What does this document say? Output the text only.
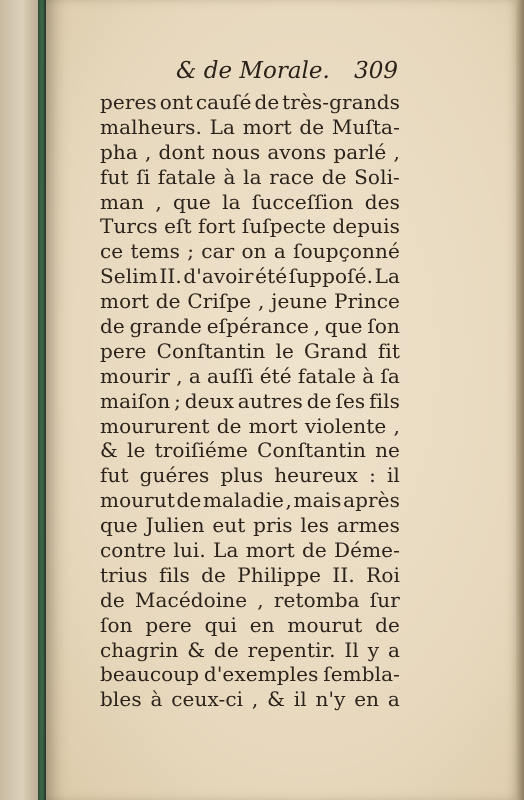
& de Morale. 309
peres ont cauſé de très-grands
malheurs. La mort de Muſta-
pha , dont nous avons parlé ,
fut ſi fatale à la race de Soli-
man , que la ſucceſſion des
Turcs eſt fort ſuſpecte depuis
ce tems ; car on a ſoupçonné
Selim II. d'avoir été ſuppoſé. La
mort de Criſpe , jeune Prince
de grande eſpérance , que ſon
pere Conſtantin le Grand fit
mourir , a auſſi été fatale à ſa
maiſon ; deux autres de ſes fils
moururent de mort violente ,
& le troiſiéme Conſtantin ne
fut guéres plus heureux : il
mourut de maladie , mais après
que Julien eut pris les armes
contre lui. La mort de Déme-
trius fils de Philippe II. Roi
de Macédoine , retomba ſur
ſon pere qui en mourut de
chagrin & de repentir. Il y a
beaucoup d'exemples ſembla-
bles à ceux-ci , & il n'y en a
